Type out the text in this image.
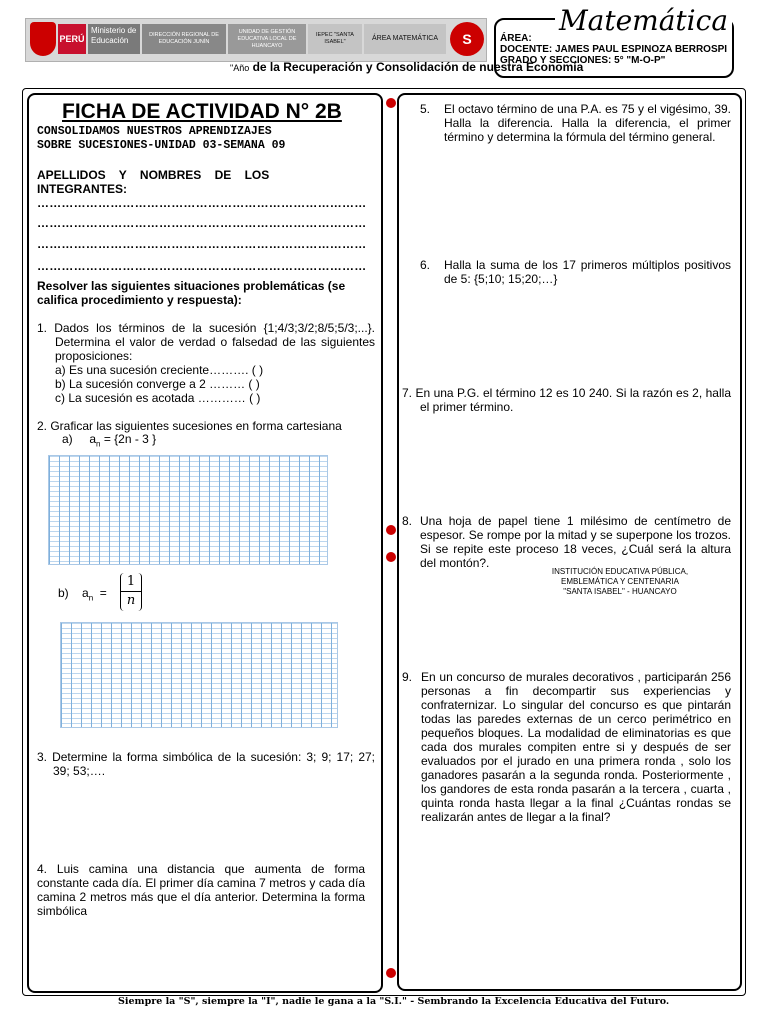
PERÚ
Ministerio de Educación
DIRECCIÓN REGIONAL DE EDUCACIÓN JUNÍN
UNIDAD DE GESTIÓN EDUCATIVA LOCAL DE HUANCAYO
IEPEC "SANTA ISABEL"	ÁREA MATEMÁTICA	S
Matemática
ÁREA:
DOCENTE: JAMES PAUL ESPINOZA BERROSPI
GRADO Y SECCIONES: 5° "M-O-P"
"Año de la Recuperación y Consolidación de nuestra Economía
FICHA DE ACTIVIDAD N° 2B
CONSOLIDAMOS NUESTROS APRENDIZAJES
SOBRE SUCESIONES-UNIDAD 03-SEMANA 09
APELLIDOS    Y    NOMBRES    DE    LOS
INTEGRANTES:
………………………………………………………………………
………………………………………………………………………
………………………………………………………………………
………………………………………………………………………
Resolver las siguientes situaciones problemáticas (se califica procedimiento y respuesta):
1. Dados los términos de la sucesión {1;4/3;3/2;8/5;5/3;...}. Determina el valor de verdad o falsedad de las siguientes proposiciones:
a) Es una sucesión creciente………. ( )
b) La sucesión converge a 2 ……… ( )
c) La sucesión es acotada ………… ( )
2. Graficar las siguientes sucesiones en forma cartesiana
a)     $a_n = \{2n - 3$ }
b)    $a_n = \frac{1}{n}$
3. Determine la forma simbólica de la sucesión: 3; 9; 17; 27; 39; 53;….
4. Luis camina una distancia que aumenta de forma constante cada día. El primer día camina 7 metros y cada día camina 2 metros más que el día anterior. Determina la forma simbólica
5. El octavo término de una P.A. es 75 y el vigésimo, 39. Halla la diferencia. Halla la diferencia, el primer término y determina la fórmula del término general.
6. Halla la suma de los 17 primeros múltiplos positivos de 5: {5;10; 15;20;…}
7. En una P.G. el término 12 es 10 240. Si la razón es 2, halla el primer término.
8. Una hoja de papel tiene 1 milésimo de centímetro de espesor. Se rompe por la mitad y se superpone los trozos. Si se repite este proceso 18 veces, ¿Cuál será la altura del montón?.
INSTITUCIÓN EDUCATIVA PÚBLICA,
EMBLEMÁTICA Y CENTENARIA
"SANTA ISABEL" - HUANCAYO
9. En un concurso de murales decorativos , participarán 256 personas a fin decompartir sus experiencias y confraternizar. Lo singular del concurso es que pintarán todas las paredes externas de un cerco perimétrico en pequeños bloques. La modalidad de eliminatorias es que cada dos murales compiten entre si y después de ser evaluados por el jurado en una primera ronda , solo los ganadores pasarán a la segunda ronda. Posteriormente , los gandores de esta ronda pasarán a la tercera , cuarta , quinta ronda hasta llegar a la final ¿Cuántas rondas se realizarán antes de llegar a la final?
Siempre la "S", siempre la "I", nadie le gana a la "S.I." - Sembrando la Excelencia Educativa del Futuro.
